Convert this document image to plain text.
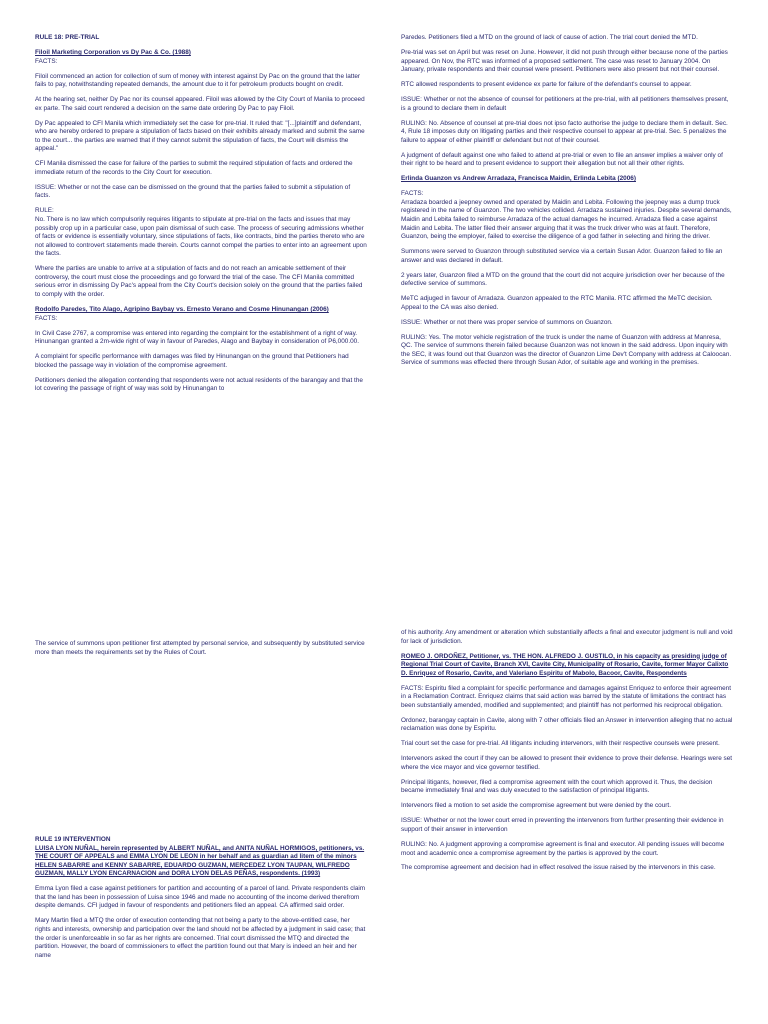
RULE 18: PRE-TRIAL

Filoil Marketing Corporation vs Dy Pac & Co. (1988)

FACTS:

Filoil commenced an action for collection of sum of money with interest against Dy Pac on the ground that the latter fails to pay, notwithstanding repeated demands, the amount due to it for petroleum products bought on credit.

At the hearing set, neither Dy Pac nor its counsel appeared. Filoil was allowed by the City Court of Manila to proceed ex parte. The said court rendered a decision on the same date ordering Dy Pac to pay Filoil.

Dy Pac appealed to CFI Manila which immediately set the case for pre-trial. It ruled that: "[...]plaintiff and defendant, who are hereby ordered to prepare a stipulation of facts based on their exhibits already marked and submit the same to the court... the parties are warned that if they cannot submit the stipulation of facts, the Court will dismiss the appeal."

CFI Manila dismissed the case for failure of the parties to submit the required stipulation of facts and ordered the immediate return of the records to the City Court for execution.

ISSUE: Whether or not the case can be dismissed on the ground that the parties failed to submit a stipulation of facts.

RULE:

No. There is no law which compulsorily requires litigants to stipulate at pre-trial on the facts and issues that may possibly crop up in a particular case, upon pain dismissal of such case. The process of securing admissions whether of facts or evidence is essentially voluntary, since stipulations of facts, like contracts, bind the parties thereto who are not allowed to controvert statements made therein. Courts cannot compel the parties to enter into an agreement upon the facts.

Where the parties are unable to arrive at a stipulation of facts and do not reach an amicable settlement of their controversy, the court must close the proceedings and go forward the trial of the case. The CFI Manila committed serious error in dismissing Dy Pac's appeal from the City Court's decision solely on the ground that the parties failed to comply with the order.

Rodolfo Paredes, Tito Alago, Agripino Baybay vs. Ernesto Verano and Cosme Hinunangan (2006)

FACTS:

In Civil Case 2767, a compromise was entered into regarding the complaint for the establishment of a right of way. Hinunangan granted a 2m-wide right of way in favour of Paredes, Alago and Baybay in consideration of P6,000.00.

A complaint for specific performance with damages was filed by Hinunangan on the ground that Petitioners had blocked the passage way in violation of the compromise agreement.

Petitioners denied the allegation contending that respondents were not actual residents of the barangay and that the lot covering the passage of right of way was sold by Hinunangan to

Paredes. Petitioners filed a MTD on the ground of lack of cause of action. The trial court denied the MTD.

Pre-trial was set on April but was reset on June. However, it did not push through either because none of the parties appeared. On Nov, the RTC was informed of a proposed settlement. The case was reset to January 2004. On January, private respondents and their counsel were present. Petitioners were also present but not their counsel.

RTC allowed respondents to present evidence ex parte for failure of the defendant's counsel to appear.

ISSUE: Whether or not the absence of counsel for petitioners at the pre-trial, with all petitioners themselves present, is a ground to declare them in default

RULING: No. Absence of counsel at pre-trial does not ipso facto authorise the judge to declare them in default. Sec. 4, Rule 18 imposes duty on litigating parties and their respective counsel to appear at pre-trial. Sec. 5 penalizes the failure to appear of either plaintiff or defendant but not of their counsel.

A judgment of default against one who failed to attend at pre-trial or even to file an answer implies a waiver only of their right to be heard and to present evidence to support their allegation but not all their other rights.

Erlinda Guanzon vs Andrew Arradaza, Francisca Maidin, Erlinda Lebita (2006)

FACTS:

Arradaza boarded a jeepney owned and operated by Maidin and Lebita. Following the jeepney was a dump truck registered in the name of Guanzon. The two vehicles collided. Arradaza sustained injuries. Despite several demands, Maidin and Lebita failed to reimburse Arradaza of the actual damages he incurred. Arradaza filed a case against Maidin and Lebita. The latter filed their answer arguing that it was the truck driver who was at fault. Therefore, Guanzon, being the employer, failed to exercise the diligence of a god father in selecting and hiring the driver.

Summons were served to Guanzon through substituted service via a certain Susan Ador. Guanzon failed to file an answer and was declared in default.

2 years later, Guanzon filed a MTD on the ground that the court did not acquire jurisdiction over her because of the defective service of summons.

MeTC adjuged in favour of Arradaza. Guanzon appealed to the RTC Manila. RTC affirmed the MeTC decision. Appeal to the CA was also denied.

ISSUE: Whether or not there was proper service of summons on Guanzon.

RULING: Yes. The motor vehicle registration of the truck is under the name of Guanzon with address at Manresa, QC. The service of summons therein failed because Guanzon was not known in the said address. Upon inquiry with the SEC, it was found out that Guanzon was the director of Guanzon Lime Dev't Company with address at Caloocan. Service of summons was effected there through Susan Ador, of suitable age and working in the premises.

The service of summons upon petitioner first attempted by personal service, and subsequently by substituted service more than meets the requirements set by the Rules of Court.

RULE 19 INTERVENTION

LUISA LYON NUÑAL, herein represented by ALBERT NUÑAL, and ANITA NUÑAL HORMIGOS, petitioners, vs.

THE COURT OF APPEALS and EMMA LYON DE LEON in her behalf and as guardian ad litem of the minors HELEN SABARRE and KENNY SABARRE, EDUARDO GUZMAN, MERCEDEZ LYON TAUPAN, WILFREDO GUZMAN, MALLY LYON ENCARNACION and DORA LYON DELAS PEÑAS, respondents. (1993)

Emma Lyon filed a case against petitioners for partition and accounting of a parcel of land. Private respondents claim that the land has been in possession of Luisa since 1946 and made no accounting of the income derived therefrom despite demands. CFI judged in favour of respondents and petitioners filed an appeal. CA affirmed said order.

Mary Martin filed a MTQ the order of execution contending that not being a party to the above-entitled case, her rights and interests, ownership and participation over the land should not be affected by a judgment in said case; that the order is unenforceable in so far as her rights are concerned. Trial court dismissed the MTQ and directed the partition. However, the board of commissioners to effect the partition found out that Mary is indeed an heir and her name

of his authority. Any amendment or alteration which substantially affects a final and executor judgment is null and void for lack of jurisdiction.

ROMEO J. ORDOÑEZ, Petitioner, vs. THE HON. ALFREDO J. GUSTILO, in his capacity as presiding judge of Regional Trial Court of Cavite, Branch XVI, Cavite City, Municipality of Rosario, Cavite, former Mayor Calixto D. Enriquez of Rosario, Cavite, and Valeriano Espiritu of Mabolo, Bacoor, Cavite, Respondents

FACTS: Espiritu filed a complaint for specific performance and damages against Enriquez to enforce their agreement in a Reclamation Contract. Enriquez claims that said action was barred by the statute of limitations the contract has been substantially amended, modified and supplemented; and plaintiff has not performed his reciprocal obligation.

Ordonez, barangay captain in Cavite, along with 7 other officials filed an Answer in intervention alleging that no actual reclamation was done by Espiritu.

Trial court set the case for pre-trial. All litigants including intervenors, with their respective counsels were present.

Intervenors asked the court if they can be allowed to present their evidence to prove their defense. Hearings were set where the vice mayor and vice governor testified.

Principal litigants, however, filed a compromise agreement with the court which approved it. Thus, the decision became immediately final and was duly executed to the satisfaction of principal litigants.

Intervenors filed a motion to set aside the compromise agreement but were denied by the court.

ISSUE: Whether or not the lower court erred in preventing the intervenors from further presenting their evidence in support of their answer in intervention

RULING: No. A judgment approving a compromise agreement is final and executor. All pending issues will become moot and academic once a compromise agreement by the parties is approved by the court.

The compromise agreement and decision had in effect resolved the issue raised by the intervenors in this case.
